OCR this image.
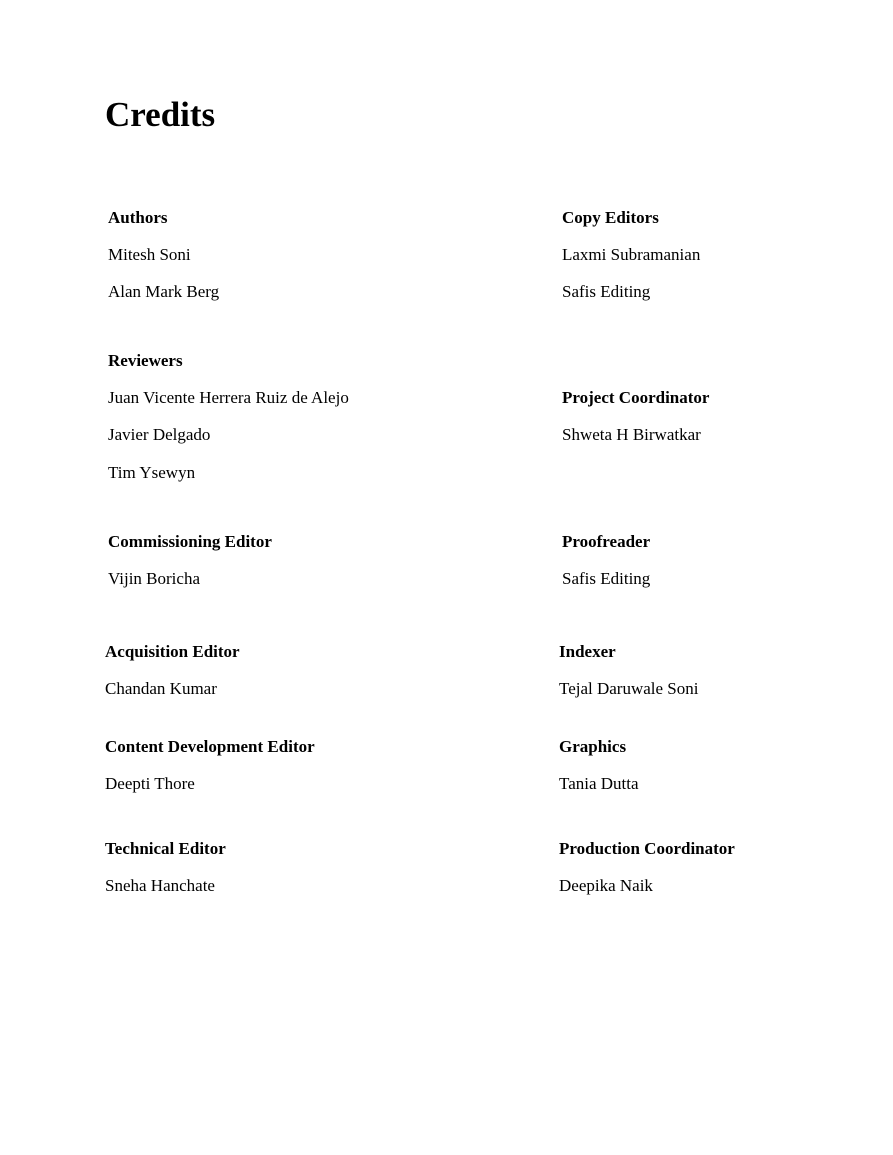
Credits
Authors
Mitesh Soni
Alan Mark Berg
Copy Editors
Laxmi Subramanian
Safis Editing
Reviewers
Juan Vicente Herrera Ruiz de Alejo
Javier Delgado
Tim Ysewyn
Project Coordinator
Shweta H Birwatkar
Commissioning Editor
Vijin Boricha
Proofreader
Safis Editing
Acquisition Editor
Chandan Kumar
Indexer
Tejal Daruwale Soni
Content Development Editor
Deepti Thore
Graphics
Tania Dutta
Technical Editor
Sneha Hanchate
Production Coordinator
Deepika Naik
